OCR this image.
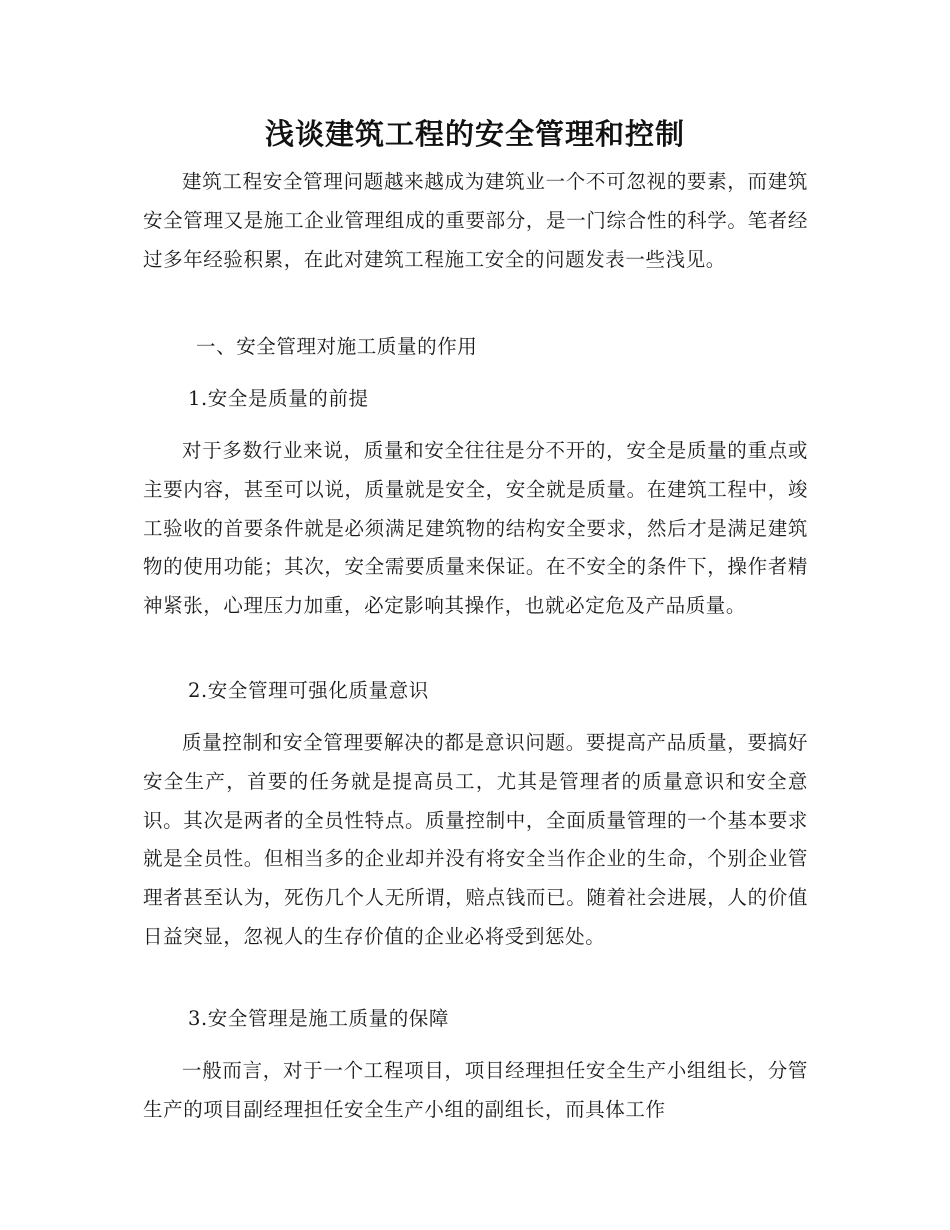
浅谈建筑工程的安全管理和控制
建筑工程安全管理问题越来越成为建筑业一个不可忽视的要素，而建筑安全管理又是施工企业管理组成的重要部分，是一门综合性的科学。笔者经过多年经验积累，在此对建筑工程施工安全的问题发表一些浅见。
一、安全管理对施工质量的作用
1.安全是质量的前提
对于多数行业来说，质量和安全往往是分不开的，安全是质量的重点或主要内容，甚至可以说，质量就是安全，安全就是质量。在建筑工程中，竣工验收的首要条件就是必须满足建筑物的结构安全要求，然后才是满足建筑物的使用功能；其次，安全需要质量来保证。在不安全的条件下，操作者精神紧张，心理压力加重，必定影响其操作，也就必定危及产品质量。
2.安全管理可强化质量意识
质量控制和安全管理要解决的都是意识问题。要提高产品质量，要搞好安全生产，首要的任务就是提高员工，尤其是管理者的质量意识和安全意识。其次是两者的全员性特点。质量控制中，全面质量管理的一个基本要求就是全员性。但相当多的企业却并没有将安全当作企业的生命，个别企业管理者甚至认为，死伤几个人无所谓，赔点钱而已。随着社会进展，人的价值日益突显，忽视人的生存价值的企业必将受到惩处。
3.安全管理是施工质量的保障
一般而言，对于一个工程项目，项目经理担任安全生产小组组长，分管生产的项目副经理担任安全生产小组的副组长，而具体工作
